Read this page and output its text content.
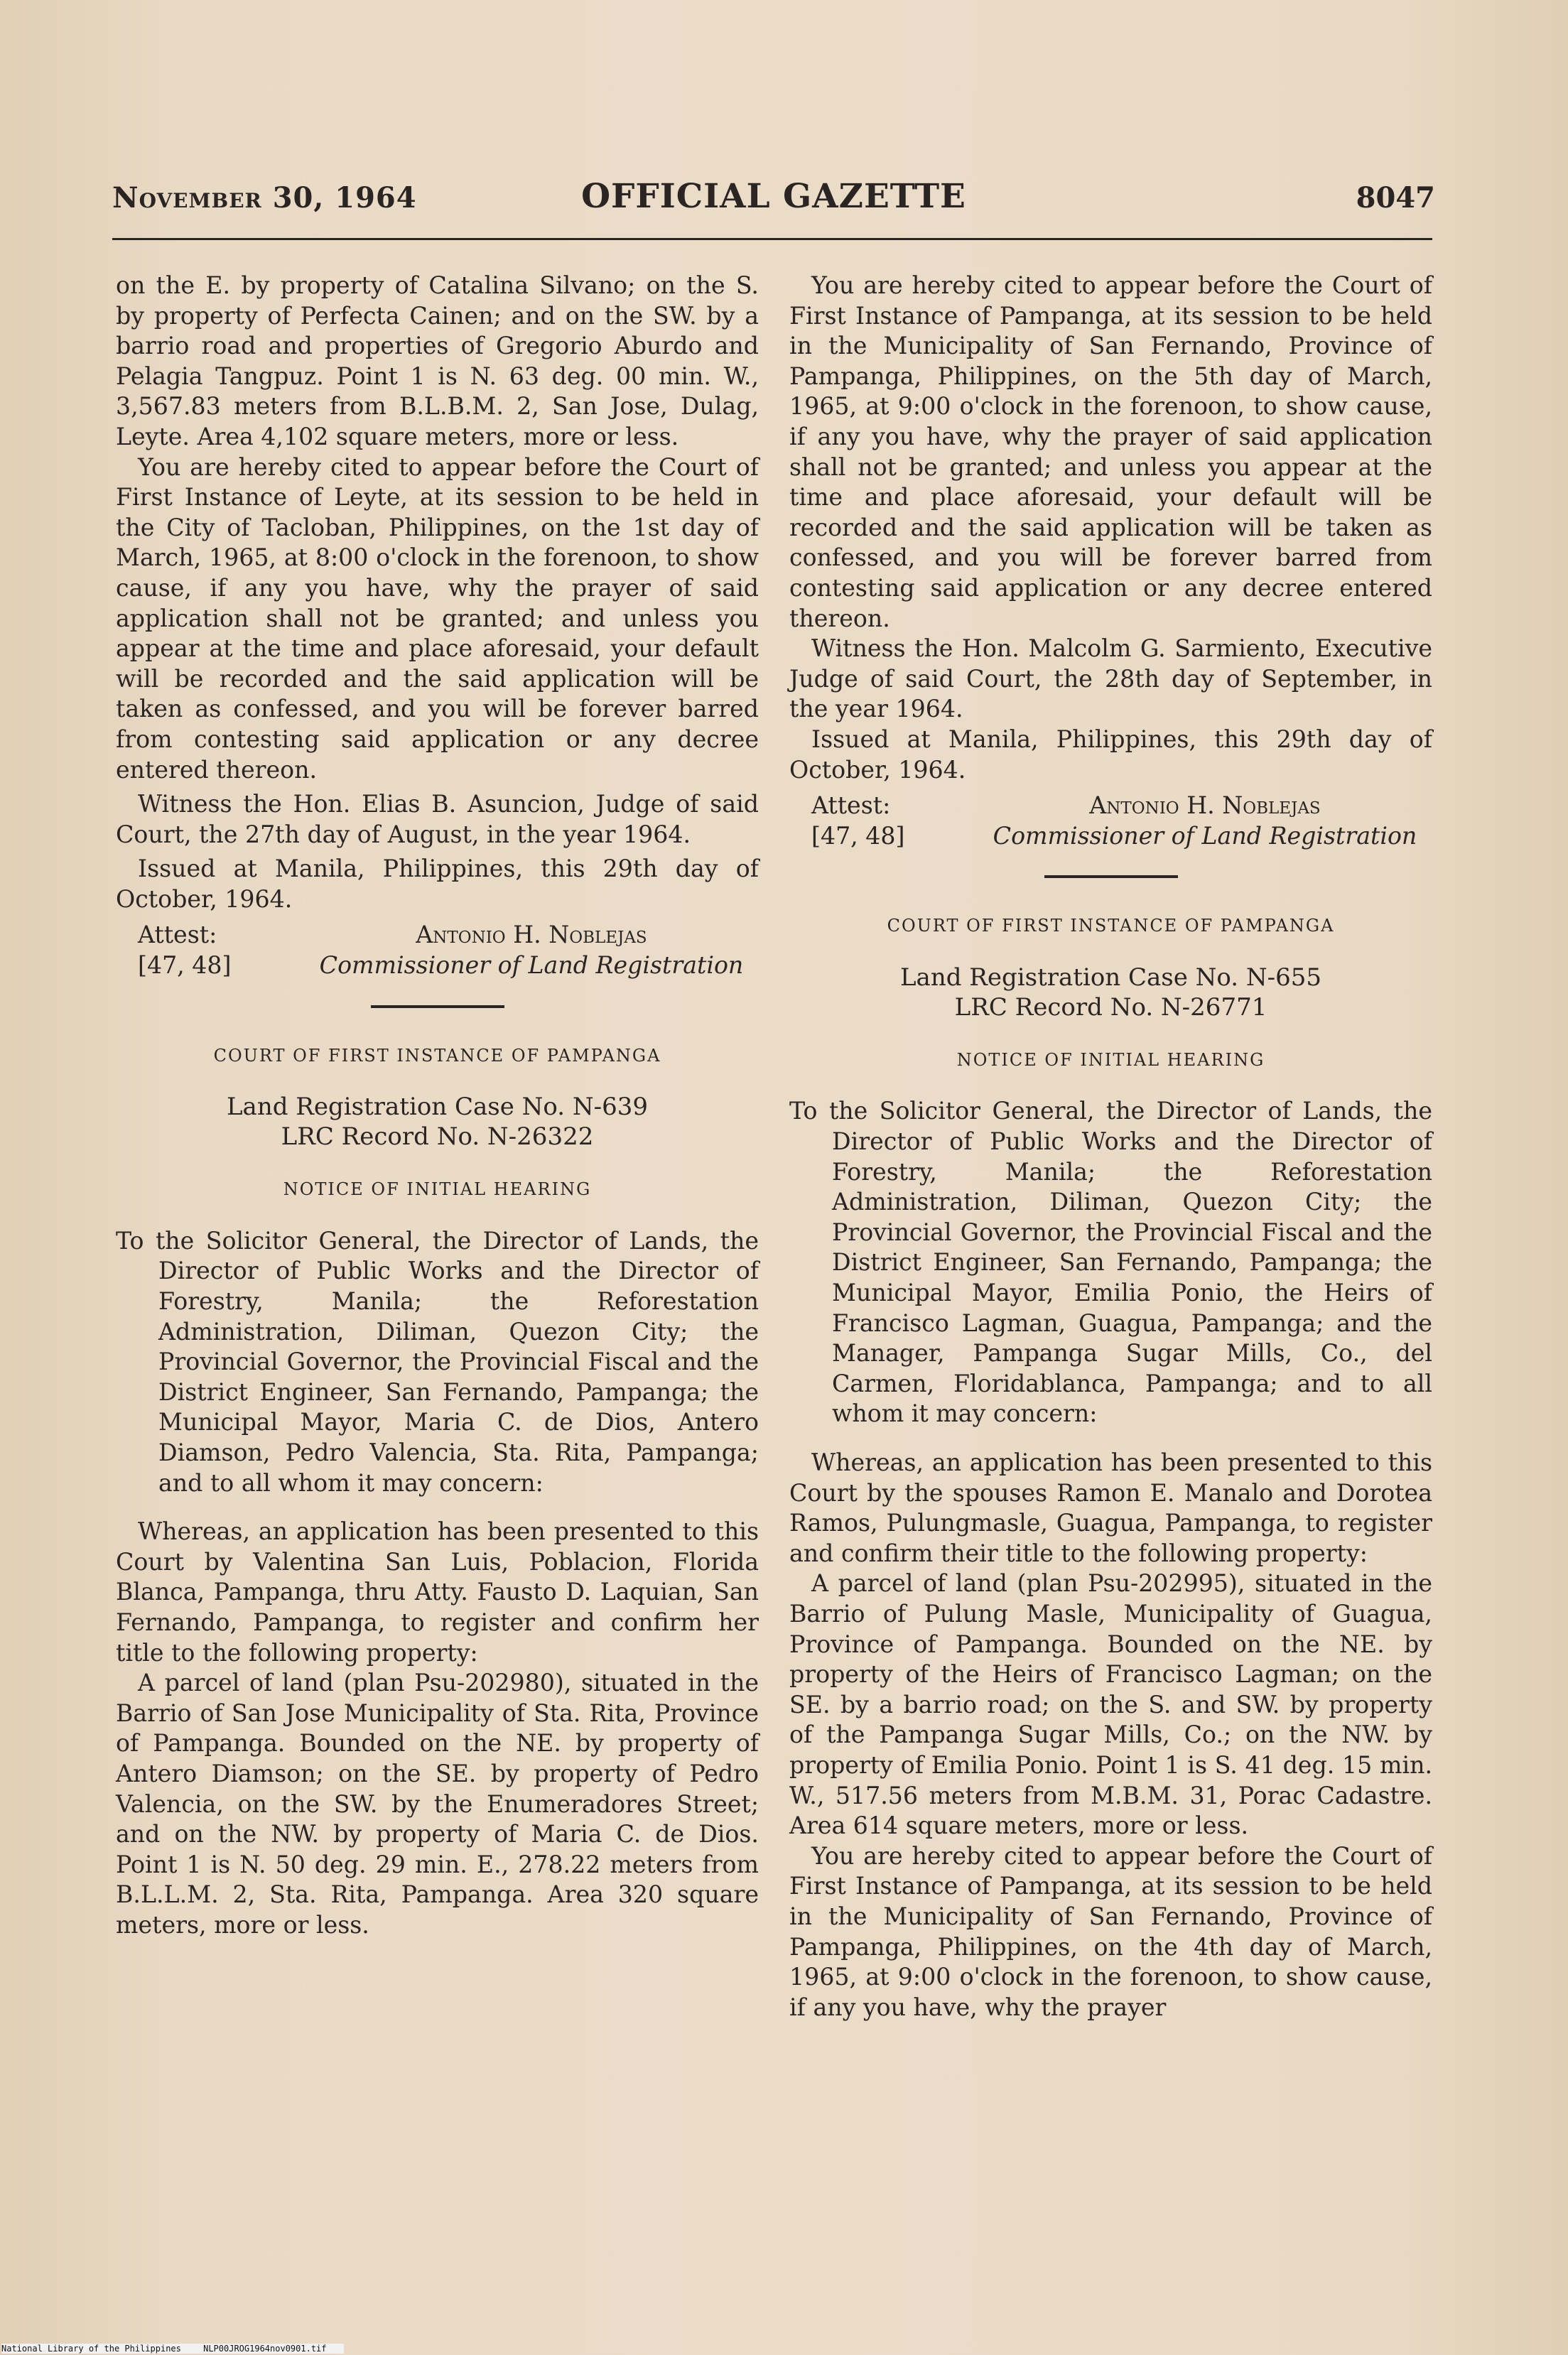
November 30, 1964	OFFICIAL GAZETTE	8047

on the E. by property of Catalina Silvano; on the S. by property of Perfecta Cainen; and on the SW. by a barrio road and properties of Gregorio Aburdo and Pelagia Tangpuz. Point 1 is N. 63 deg. 00 min. W., 3,567.83 meters from B.L.B.M. 2, San Jose, Dulag, Leyte. Area 4,102 square meters, more or less.

You are hereby cited to appear before the Court of First Instance of Leyte, at its session to be held in the City of Tacloban, Philippines, on the 1st day of March, 1965, at 8:00 o'clock in the forenoon, to show cause, if any you have, why the prayer of said application shall not be granted; and unless you appear at the time and place aforesaid, your default will be recorded and the said application will be taken as confessed, and you will be forever barred from contesting said application or any decree entered thereon.

Witness the Hon. Elias B. Asuncion, Judge of said Court, the 27th day of August, in the year 1964.

Issued at Manila, Philippines, this 29th day of October, 1964.

Attest:	Antonio H. Noblejas
[47, 48]	Commissioner of Land Registration
COURT OF FIRST INSTANCE OF PAMPANGA
Land Registration Case No. N-639
LRC Record No. N-26322
NOTICE OF INITIAL HEARING

To the Solicitor General, the Director of Lands, the Director of Public Works and the Director of Forestry, Manila; the Reforestation Administration, Diliman, Quezon City; the Provincial Governor, the Provincial Fiscal and the District Engineer, San Fernando, Pampanga; the Municipal Mayor, Maria C. de Dios, Antero Diamson, Pedro Valencia, Sta. Rita, Pampanga; and to all whom it may concern:

Whereas, an application has been presented to this Court by Valentina San Luis, Poblacion, Florida Blanca, Pampanga, thru Atty. Fausto D. Laquian, San Fernando, Pampanga, to register and confirm her title to the following property:

A parcel of land (plan Psu-202980), situated in the Barrio of San Jose Municipality of Sta. Rita, Province of Pampanga. Bounded on the NE. by property of Antero Diamson; on the SE. by property of Pedro Valencia, on the SW. by the Enumeradores Street; and on the NW. by property of Maria C. de Dios. Point 1 is N. 50 deg. 29 min. E., 278.22 meters from B.L.L.M. 2, Sta. Rita, Pampanga. Area 320 square meters, more or less.

You are hereby cited to appear before the Court of First Instance of Pampanga, at its session to be held in the Municipality of San Fernando, Province of Pampanga, Philippines, on the 5th day of March, 1965, at 9:00 o'clock in the forenoon, to show cause, if any you have, why the prayer of said application shall not be granted; and unless you appear at the time and place aforesaid, your default will be recorded and the said application will be taken as confessed, and you will be forever barred from contesting said application or any decree entered thereon.

Witness the Hon. Malcolm G. Sarmiento, Executive Judge of said Court, the 28th day of September, in the year 1964.

Issued at Manila, Philippines, this 29th day of October, 1964.

Attest:	Antonio H. Noblejas
[47, 48]	Commissioner of Land Registration
COURT OF FIRST INSTANCE OF PAMPANGA
Land Registration Case No. N-655
LRC Record No. N-26771
NOTICE OF INITIAL HEARING

To the Solicitor General, the Director of Lands, the Director of Public Works and the Director of Forestry, Manila; the Reforestation Administration, Diliman, Quezon City; the Provincial Governor, the Provincial Fiscal and the District Engineer, San Fernando, Pampanga; the Municipal Mayor, Emilia Ponio, the Heirs of Francisco Lagman, Guagua, Pampanga; and the Manager, Pampanga Sugar Mills, Co., del Carmen, Floridablanca, Pampanga; and to all whom it may concern:

Whereas, an application has been presented to this Court by the spouses Ramon E. Manalo and Dorotea Ramos, Pulungmasle, Guagua, Pampanga, to register and confirm their title to the following property:

A parcel of land (plan Psu-202995), situated in the Barrio of Pulung Masle, Municipality of Guagua, Province of Pampanga. Bounded on the NE. by property of the Heirs of Francisco Lagman; on the SE. by a barrio road; on the S. and SW. by property of the Pampanga Sugar Mills, Co.; on the NW. by property of Emilia Ponio. Point 1 is S. 41 deg. 15 min. W., 517.56 meters from M.B.M. 31, Porac Cadastre. Area 614 square meters, more or less.

You are hereby cited to appear before the Court of First Instance of Pampanga, at its session to be held in the Municipality of San Fernando, Province of Pampanga, Philippines, on the 4th day of March, 1965, at 9:00 o'clock in the forenoon, to show cause, if any you have, why the prayer

National Library of the Philippines	NLP00JROG1964nov0901.tif
